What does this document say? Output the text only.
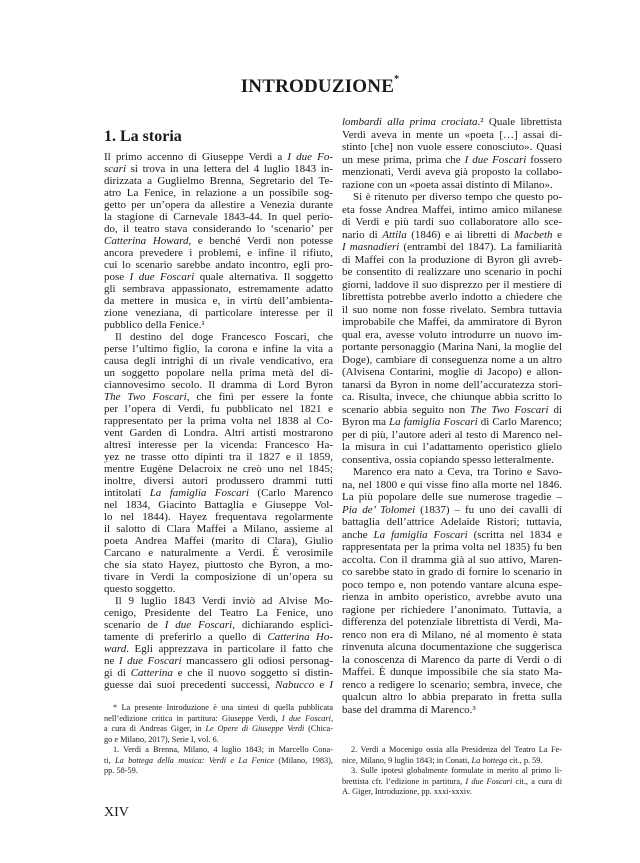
INTRODUZIONE*
1. La storia
Il primo accenno di Giuseppe Verdi a I due Fo-
scari si trova in una lettera del 4 luglio 1843 in-
dirizzata a Guglielmo Brenna, Segretario del Te-
atro La Fenice, in relazione a un possibile sog-
getto per un’opera da allestire a Venezia durante
la stagione di Carnevale 1843-44. In quel perio-
do, il teatro stava considerando lo ‘scenario’ per
Catterina Howard, e benché Verdi non potesse
ancora prevedere i problemi, e infine il rifiuto,
cui lo scenario sarebbe andato incontro, egli pro-
pose I due Foscari quale alternativa. Il soggetto
gli sembrava appassionato, estremamente adatto
da mettere in musica e, in virtù dell’ambienta-
zione veneziana, di particolare interesse per il
pubblico della Fenice.¹
Il destino del doge Francesco Foscari, che
perse l’ultimo figlio, la corona e infine la vita a
causa degli intrighi di un rivale vendicativo, era
un soggetto popolare nella prima metà del di-
ciannovesimo secolo. Il dramma di Lord Byron
The Two Foscari, che finì per essere la fonte
per l’opera di Verdi, fu pubblicato nel 1821 e
rappresentato per la prima volta nel 1838 al Co-
vent Garden di Londra. Altri artisti mostrarono
altresì interesse per la vicenda: Francesco Ha-
yez ne trasse otto dipinti tra il 1827 e il 1859,
mentre Eugène Delacroix ne creò uno nel 1845;
inoltre, diversi autori produssero drammi tutti
intitolati La famiglia Foscari (Carlo Marenco
nel 1834, Giacinto Battaglia e Giuseppe Vol-
lo nel 1844). Hayez frequentava regolarmente
il salotto di Clara Maffei a Milano, assieme al
poeta Andrea Maffei (marito di Clara), Giulio
Carcano e naturalmente a Verdi. È verosimile
che sia stato Hayez, piuttosto che Byron, a mo-
tivare in Verdi la composizione di un’opera su
questo soggetto.
Il 9 luglio 1843 Verdi inviò ad Alvise Mo-
cenigo, Presidente del Teatro La Fenice, uno
scenario de I due Foscari, dichiarando esplici-
tamente di preferirlo a quello di Catterina Ho-
ward. Egli apprezzava in particolare il fatto che
ne I due Foscari mancassero gli odiosi personag-
gi di Catterina e che il nuovo soggetto si distin-
guesse dai suoi precedenti successi, Nabucco e I
lombardi alla prima crociata.² Quale librettista
Verdi aveva in mente un «poeta […] assai di-
stinto [che] non vuole essere conosciuto». Quasi
un mese prima, prima che I due Foscari fossero
menzionati, Verdi aveva già proposto la collabo-
razione con un «poeta assai distinto di Milano».
Si è ritenuto per diverso tempo che questo po-
eta fosse Andrea Maffei, intimo amico milanese
di Verdi e più tardi suo collaboratore allo sce-
nario di Attila (1846) e ai libretti di Macbeth e
I masnadieri (entrambi del 1847). La familiarità
di Maffei con la produzione di Byron gli avreb-
be consentito di realizzare uno scenario in pochi
giorni, laddove il suo disprezzo per il mestiere di
librettista potrebbe averlo indotto a chiedere che
il suo nome non fosse rivelato. Sembra tuttavia
improbabile che Maffei, da ammiratore di Byron
qual era, avesse voluto introdurre un nuovo im-
portante personaggio (Marina Nani, la moglie del
Doge), cambiare di conseguenza nome a un altro
(Alvisena Contarini, moglie di Jacopo) e allon-
tanarsi da Byron in nome dell’accuratezza stori-
ca. Risulta, invece, che chiunque abbia scritto lo
scenario abbia seguito non The Two Foscari di
Byron ma La famiglia Foscari di Carlo Marenco;
per di più, l’autore aderì al testo di Marenco nel-
la misura in cui l’adattamento operistico glielo
consentiva, ossia copiando spesso letteralmente.
Marenco era nato a Ceva, tra Torino e Savo-
na, nel 1800 e qui visse fino alla morte nel 1846.
La più popolare delle sue numerose tragedie –
Pia de’ Tolomei (1837) – fu uno dei cavalli di
battaglia dell’attrice Adelaide Ristori; tuttavia,
anche La famiglia Foscari (scritta nel 1834 e
rappresentata per la prima volta nel 1835) fu ben
accolta. Con il dramma già al suo attivo, Maren-
co sarebbe stato in grado di fornire lo scenario in
poco tempo e, non potendo vantare alcuna espe-
rienza in ambito operistico, avrebbe avuto una
ragione per richiedere l’anonimato. Tuttavia, a
differenza del potenziale librettista di Verdi, Ma-
renco non era di Milano, né al momento è stata
rinvenuta alcuna documentazione che suggerisca
la conoscenza di Marenco da parte di Verdi o di
Maffei. È dunque impossibile che sia stato Ma-
renco a redigere lo scenario; sembra, invece, che
qualcun altro lo abbia preparato in fretta sulla
base del dramma di Marenco.³
* La presente Introduzione è una sintesi di quella pubblicata
nell’edizione critica in partitura: Giuseppe Verdi, I due Foscari,
a cura di Andreas Giger, in Le Opere di Giuseppe Verdi (Chica-
go e Milano, 2017), Serie I, vol. 6.
1. Verdi a Brenna, Milano, 4 luglio 1843; in Marcello Cona-
ti, La bottega della musica: Verdi e La Fenice (Milano, 1983),
pp. 58-59.
2. Verdi a Mocenigo ossia alla Presidenza del Teatro La Fe-
nice, Milano, 9 luglio 1843; in Conati, La bottega cit., p. 59.
3. Sulle ipotesi globalmente formulate in merito al primo li-
brettista cfr. l’edizione in partitura, I due Foscari cit., a cura di
A. Giger, Introduzione, pp. xxxi-xxxiv.
XIV
